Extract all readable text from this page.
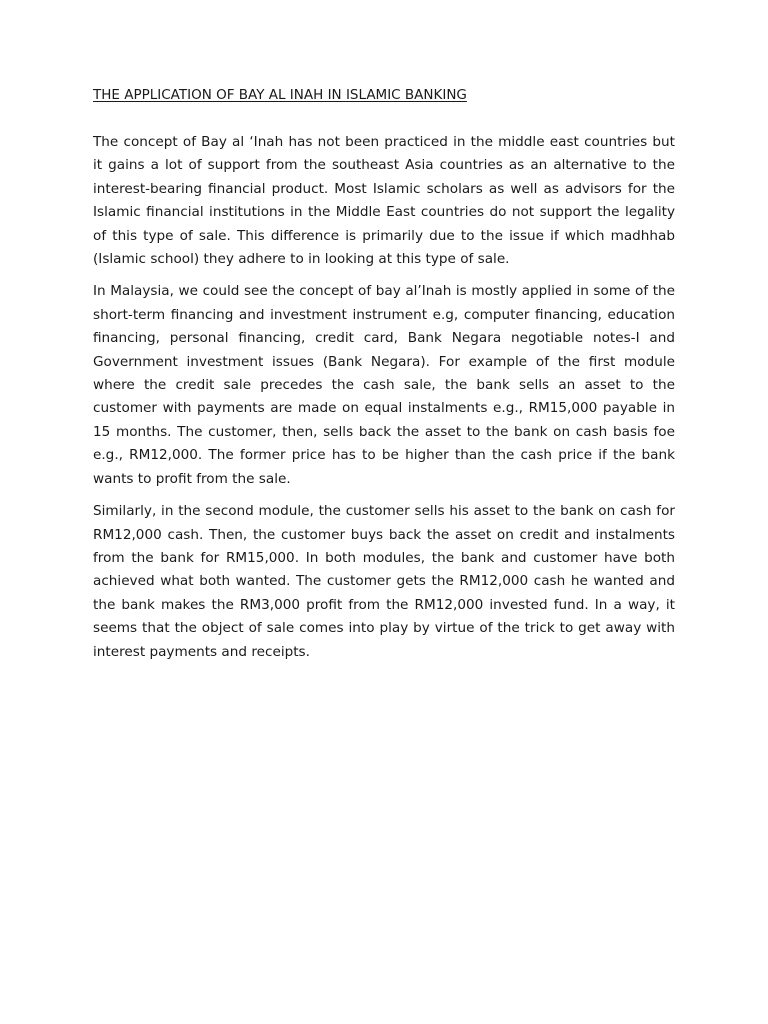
THE APPLICATION OF BAY AL INAH IN ISLAMIC BANKING

The concept of Bay al ‘Inah has not been practiced in the middle east countries but it gains a lot of support from the southeast Asia countries as an alternative to the interest-bearing financial product. Most Islamic scholars as well as advisors for the Islamic financial institutions in the Middle East countries do not support the legality of this type of sale. This difference is primarily due to the issue if which madhhab (Islamic school) they adhere to in looking at this type of sale.

In Malaysia, we could see the concept of bay al’Inah is mostly applied in some of the short-term financing and investment instrument e.g, computer financing, education financing, personal financing, credit card, Bank Negara negotiable notes-I and Government investment issues (Bank Negara). For example of the first module where the credit sale precedes the cash sale, the bank sells an asset to the customer with payments are made on equal instalments e.g., RM15,000 payable in 15 months. The customer, then, sells back the asset to the bank on cash basis foe e.g., RM12,000. The former price has to be higher than the cash price if the bank wants to profit from the sale.

Similarly, in the second module, the customer sells his asset to the bank on cash for RM12,000 cash. Then, the customer buys back the asset on credit and instalments from the bank for RM15,000. In both modules, the bank and customer have both achieved what both wanted. The customer gets the RM12,000 cash he wanted and the bank makes the RM3,000 profit from the RM12,000 invested fund. In a way, it seems that the object of sale comes into play by virtue of the trick to get away with interest payments and receipts.
